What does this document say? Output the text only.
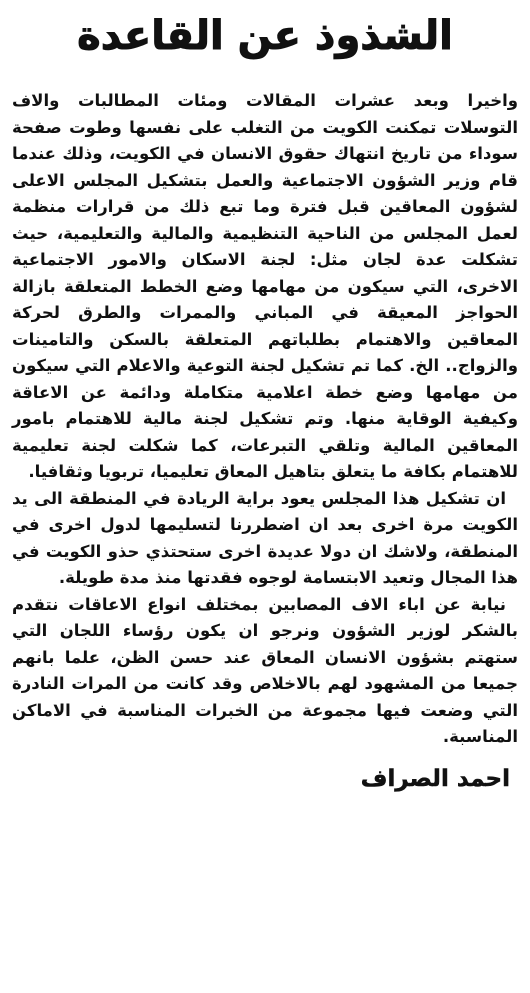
الشذوذ عن القاعدة

واخيرا وبعد عشرات المقالات ومئات المطالبات والاف التوسلات تمكنت الكويت من التغلب على نفسها وطوت صفحة سوداء من تاريخ انتهاك حقوق الانسان في الكويت، وذلك عندما قام وزير الشؤون الاجتماعية والعمل بتشكيل المجلس الاعلى لشؤون المعاقين قبل فترة وما تبع ذلك من قرارات منظمة لعمل المجلس من الناحية التنظيمية والمالية والتعليمية، حيث تشكلت عدة لجان مثل: لجنة الاسكان والامور الاجتماعية الاخرى، التي سيكون من مهامها وضع الخطط المتعلقة بازالة الحواجز المعيقة في المباني والممرات والطرق لحركة المعاقين والاهتمام بطلباتهم المتعلقة بالسكن والتامينات والزواج.. الخ. كما تم تشكيل لجنة التوعية والاعلام التي سيكون من مهامها وضع خطة اعلامية متكاملة ودائمة عن الاعاقة وكيفية الوقاية منها. وتم تشكيل لجنة مالية للاهتمام بامور المعاقين المالية وتلقي التبرعات، كما شكلت لجنة تعليمية للاهتمام بكافة ما يتعلق بتاهيل المعاق تعليميا، تربويا وثقافيا.

ان تشكيل هذا المجلس يعود براية الريادة في المنطقة الى يد الكويت مرة اخرى بعد ان اضطررنا لتسليمها لدول اخرى في المنطقة، ولاشك ان دولا عديدة اخرى ستحتذي حذو الكويت في هذا المجال وتعيد الابتسامة لوجوه فقدتها منذ مدة طويلة.

نيابة عن اباء الاف المصابين بمختلف انواع الاعاقات نتقدم بالشكر لوزير الشؤون ونرجو ان يكون رؤساء اللجان التي ستهتم بشؤون الانسان المعاق عند حسن الظن، علما بانهم جميعا من المشهود لهم بالاخلاص وقد كانت من المرات النادرة التي وضعت فيها مجموعة من الخبرات المناسبة في الاماكن المناسبة.

احمد الصراف
